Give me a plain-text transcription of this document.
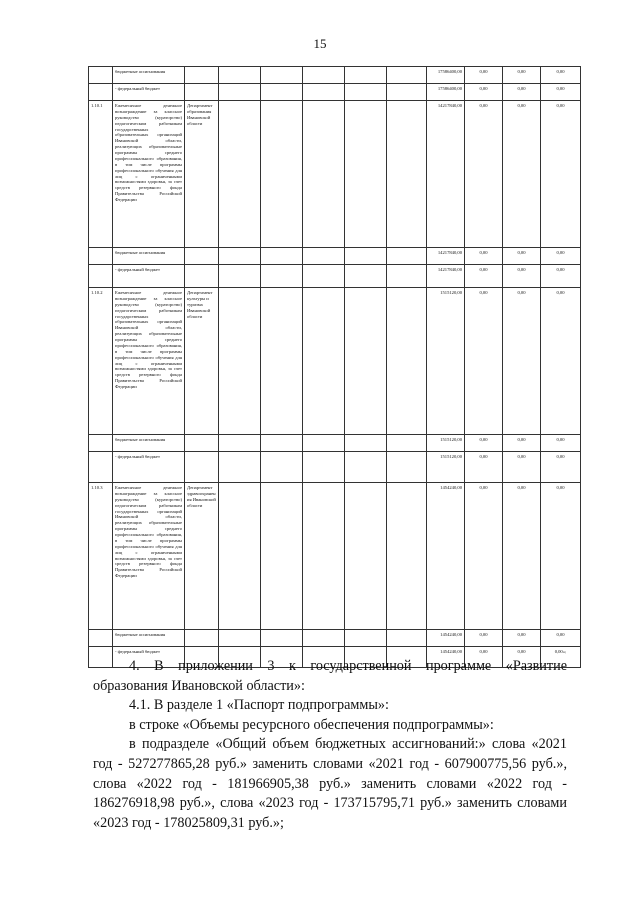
15
	бюджетные ассигнования							17586400,00	0,00	0,00	0,00
	- федеральный бюджет							17586400,00	0,00	0,00	0,00
1.10.1	Ежемесячное денежное вознаграждение за классное руководство (кураторство) педагогическим работникам государственных образовательных организаций Ивановской области, реализующих образовательные программы среднего профессионального образования, в том числе программы профессионального обучения для лиц с ограниченными возможностями здоровья, за счет средств резервного фонда Правительства Российской Федерации	Департамент образования Ивановской области						14217840,00	0,00	0,00	0,00
	бюджетные ассигнования							14217840,00	0,00	0,00	0,00
	- федеральный бюджет							14217840,00	0,00	0,00	0,00
1.10.2	Ежемесячное денежное вознаграждение за классное руководство (кураторство) педагогическим работникам государственных образовательных организаций Ивановской области, реализующих образовательные программы среднего профессионального образования, в том числе программы профессионального обучения для лиц с ограниченными возможностями здоровья, за счет средств резервного фонда Правительства Российской Федерации	Департамент культуры и туризма Ивановской области						1515120,00	0,00	0,00	0,00
	бюджетные ассигнования							1515120,00	0,00	0,00	0,00
	- федеральный бюджет							1515120,00	0,00	0,00	0,00
1.10.3	Ежемесячное денежное вознаграждение за классное руководство (кураторство) педагогическим работникам государственных организаций Ивановской области, реализующих образовательные программы среднего профессионального образования, в том числе программы профессионального обучения для лиц с ограниченными возможностями здоровья, за счет средств резервного фонда Правительства Российской Федерации	Департамент здравоохранения Ивановской области						1454240,00	0,00	0,00	0,00
	бюджетные ассигнования							1454240,00	0,00	0,00	0,00
	- федеральный бюджет							1454240,00	0,00	0,00	0,00»;

4. В приложении 3 к государственной программе «Развитие образования Ивановской области»:

4.1. В разделе 1 «Паспорт подпрограммы»:

в строке «Объемы ресурсного обеспечения подпрограммы»:

в подразделе «Общий объем бюджетных ассигнований:» слова «2021 год - 527277865,28 руб.» заменить словами «2021 год - 607900775,56 руб.», слова «2022 год - 181966905,38 руб.» заменить словами «2022 год - 186276918,98 руб.», слова «2023 год - 173715795,71 руб.» заменить словами «2023 год - 178025809,31 руб.»;
